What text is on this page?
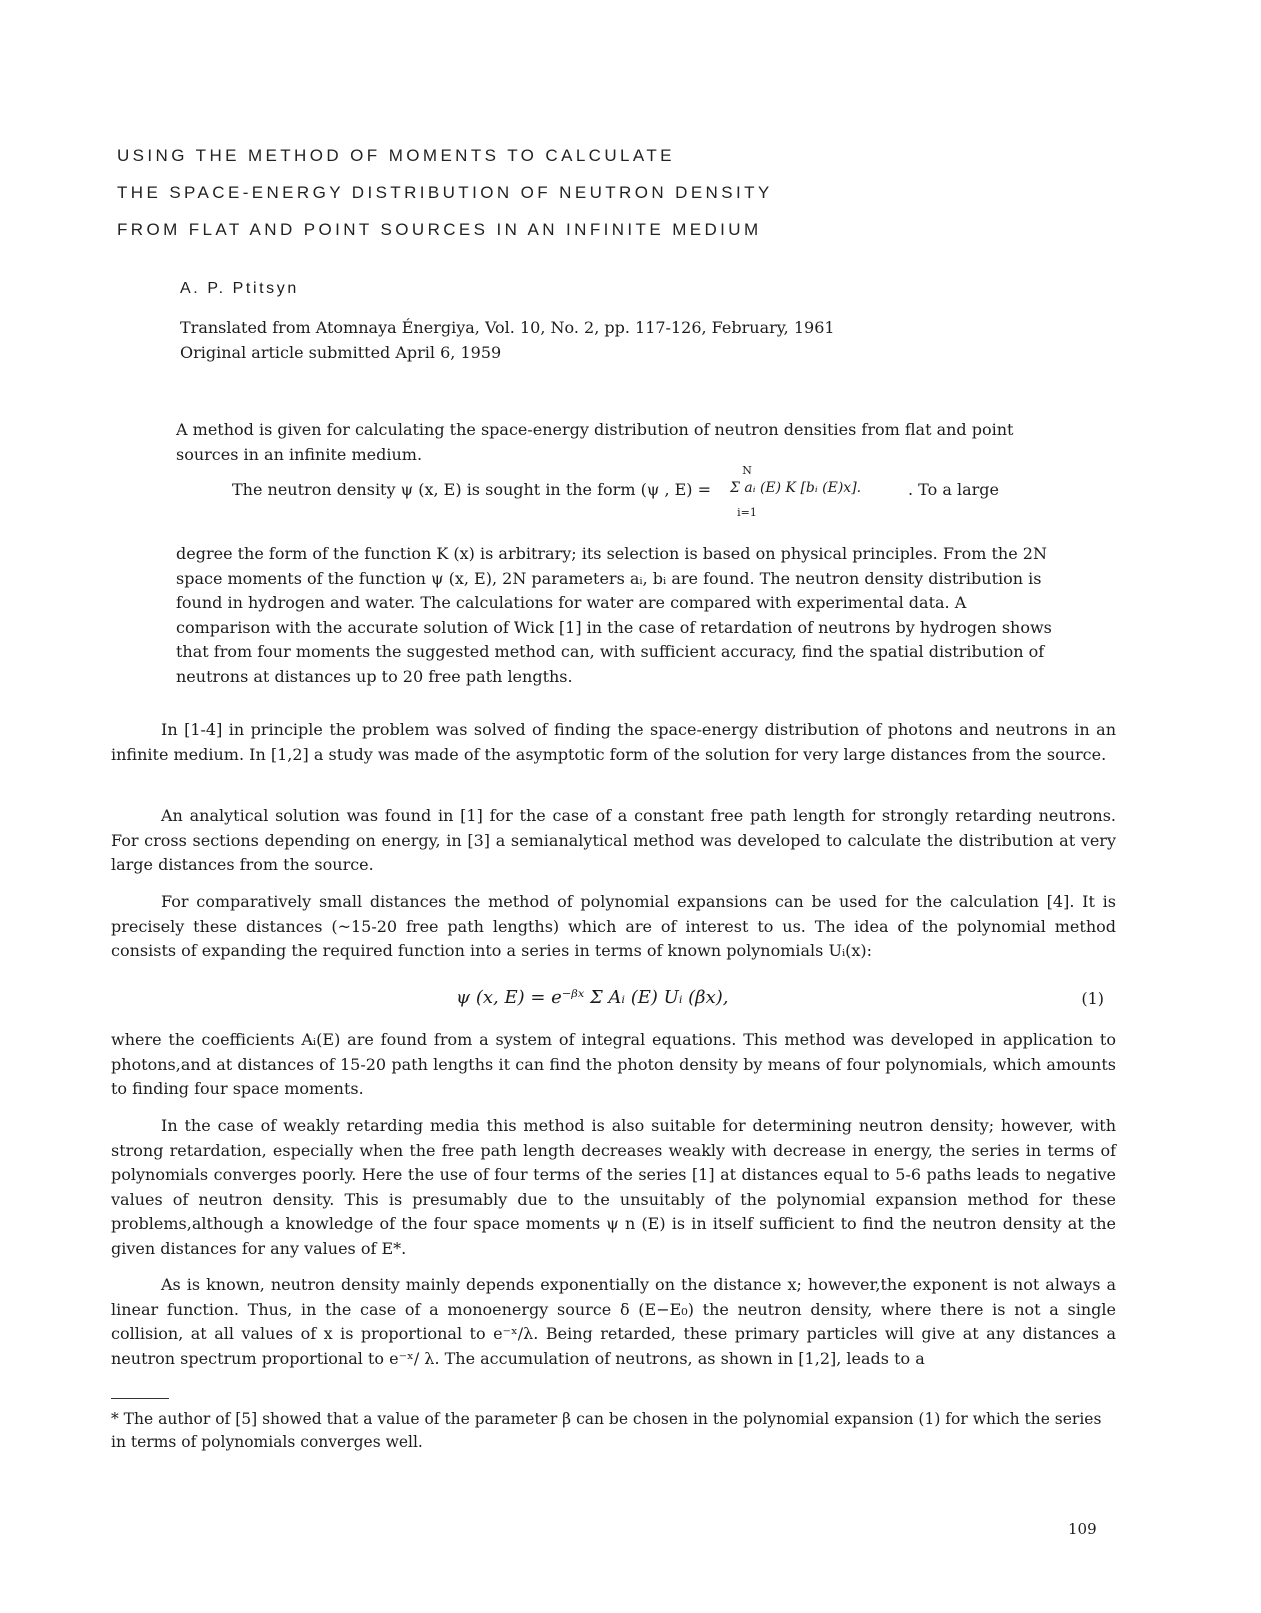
USING THE METHOD OF MOMENTS TO CALCULATE
THE SPACE-ENERGY DISTRIBUTION OF NEUTRON DENSITY
FROM FLAT AND POINT SOURCES IN AN INFINITE MEDIUM
A. P. Ptitsyn
Translated from Atomnaya Énergiya, Vol. 10, No. 2, pp. 117-126, February, 1961
Original article submitted April 6, 1959

A method is given for calculating the space-energy distribution of neutron densities from flat and point sources in an infinite medium.

The neutron density ψ (x, E) is sought in the form (ψ , E) =
N

i=1
Σ aᵢ (E) K [bᵢ (E)x].	. To a large

degree the form of the function K (x) is arbitrary; its selection is based on physical principles. From the 2N space moments of the function ψ (x, E), 2N parameters aᵢ, bᵢ are found. The neutron density distribution is found in hydrogen and water. The calculations for water are compared with experimental data. A comparison with the accurate solution of Wick [1] in the case of retardation of neutrons by hydrogen shows that from four moments the suggested method can, with sufficient accuracy, find the spatial distribution of neutrons at distances up to 20 free path lengths.

In [1-4] in principle the problem was solved of finding the space-energy distribution of photons and neutrons in an infinite medium. In [1,2] a study was made of the asymptotic form of the solution for very large distances from the source.

An analytical solution was found in [1] for the case of a constant free path length for strongly retarding neutrons. For cross sections depending on energy, in [3] a semianalytical method was developed to calculate the distribution at very large distances from the source.

For comparatively small distances the method of polynomial expansions can be used for the calculation [4]. It is precisely these distances (~15-20 free path lengths) which are of interest to us. The idea of the polynomial method consists of expanding the required function into a series in terms of known polynomials Uᵢ(x):

ψ (x, E) = e⁻ᵝˣ Σ Aᵢ (E) Uᵢ (βx),	(1)

where the coefficients Aᵢ(E) are found from a system of integral equations. This method was developed in application to photons,and at distances of 15-20 path lengths it can find the photon density by means of four polynomials, which amounts to finding four space moments.

In the case of weakly retarding media this method is also suitable for determining neutron density; however, with strong retardation, especially when the free path length decreases weakly with decrease in energy, the series in terms of polynomials converges poorly. Here the use of four terms of the series [1] at distances equal to 5-6 paths leads to negative values of neutron density. This is presumably due to the unsuitably of the polynomial expansion method for these problems,although a knowledge of the four space moments ψ n (E) is in itself sufficient to find the neutron density at the given distances for any values of E*.

As is known, neutron density mainly depends exponentially on the distance x; however,the exponent is not always a linear function. Thus, in the case of a monoenergy source δ (E−E₀) the neutron density, where there is not a single collision, at all values of x is proportional to e⁻ˣ/λ. Being retarded, these primary particles will give at any distances a neutron spectrum proportional to e⁻ˣ/ λ. The accumulation of neutrons, as shown in [1,2], leads to a

* The author of [5] showed that a value of the parameter β can be chosen in the polynomial expansion (1) for which the series in terms of polynomials converges well.
109
